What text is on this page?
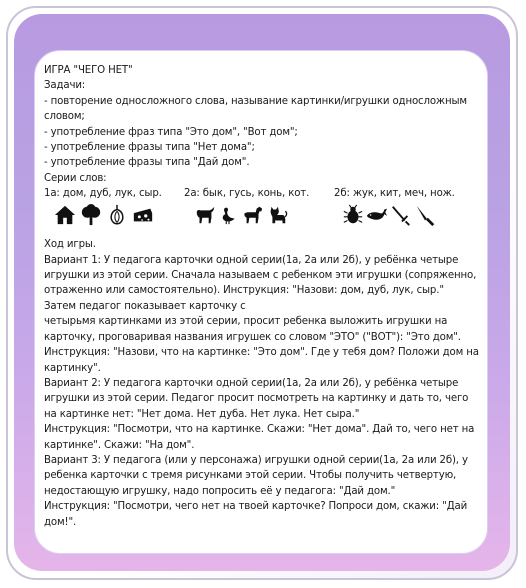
ИГРА "ЧЕГО НЕТ"
Задачи:
- повторение односложного слова, называние картинки/игрушки односложным словом;
- употребление фраз типа "Это дом", "Вот дом";
- употребление фразы типа "Нет дома";
- употребление фразы типа "Дай дом".
Серии слов:
1а: дом, дуб, лук, сыр. 2а: бык, гусь, конь, кот. 2б: жук, кит, меч, нож.
Ход игры.
Вариант 1: У педагога карточки одной серии(1а, 2а или 2б), у ребёнка четыре игрушки из этой серии. Сначала называем с ребенком эти игрушки (сопряженно, отраженно или самостоятельно). Инструкция: "Назови: дом, дуб, лук, сыр."
Затем педагог показывает карточку с
четырьмя картинками из этой серии, просит ребенка выложить игрушки на карточку, проговаривая названия игрушек со словом "ЭТО" ("ВОТ"): "Это дом". Инструкция: "Назови, что на картинке: "Это дом". Где у тебя дом? Положи дом на картинку".
Вариант 2: У педагога карточки одной серии(1а, 2а или 2б), у ребёнка четыре игрушки из этой серии. Педагог просит посмотреть на картинку и дать то, чего на картинке нет: "Нет дома. Нет дуба. Нет лука. Нет сыра."
Инструкция: "Посмотри, что на картинке. Скажи: "Нет дома". Дай то, чего нет на картинке". Скажи: "На дом".
Вариант 3: У педагога (или у персонажа) игрушки одной серии(1а, 2а или 2б), у ребенка карточки с тремя рисунками этой серии. Чтобы получить четвертую, недостающую игрушку, надо попросить её у педагога: "Дай дом."
Инструкция: "Посмотри, чего нет на твоей карточке? Попроси дом, скажи: "Дай дом!".
